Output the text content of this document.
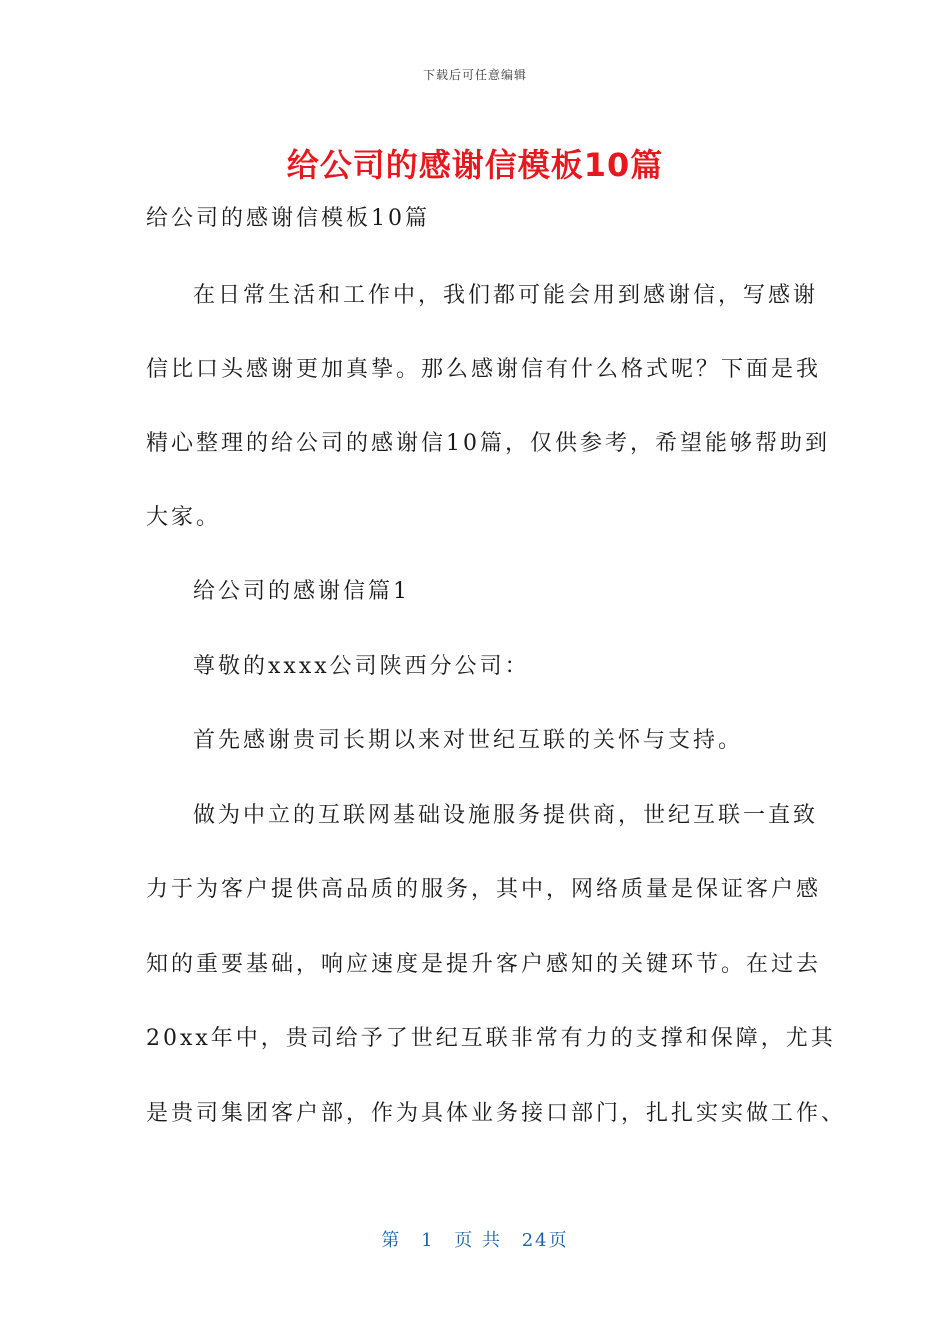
下载后可任意编辑
给公司的感谢信模板10篇

给公司的感谢信模板10篇

在日常生活和工作中，我们都可能会用到感谢信，写感谢

信比口头感谢更加真挚。那么感谢信有什么格式呢？下面是我

精心整理的给公司的感谢信10篇，仅供参考，希望能够帮助到

大家。

给公司的感谢信篇1

尊敬的xxxx公司陕西分公司：

首先感谢贵司长期以来对世纪互联的关怀与支持。

做为中立的互联网基础设施服务提供商，世纪互联一直致

力于为客户提供高品质的服务，其中，网络质量是保证客户感

知的重要基础，响应速度是提升客户感知的关键环节。在过去

20xx年中，贵司给予了世纪互联非常有力的支撑和保障，尤其

是贵司集团客户部，作为具体业务接口部门，扎扎实实做工作、

第 1 页 共 24页
